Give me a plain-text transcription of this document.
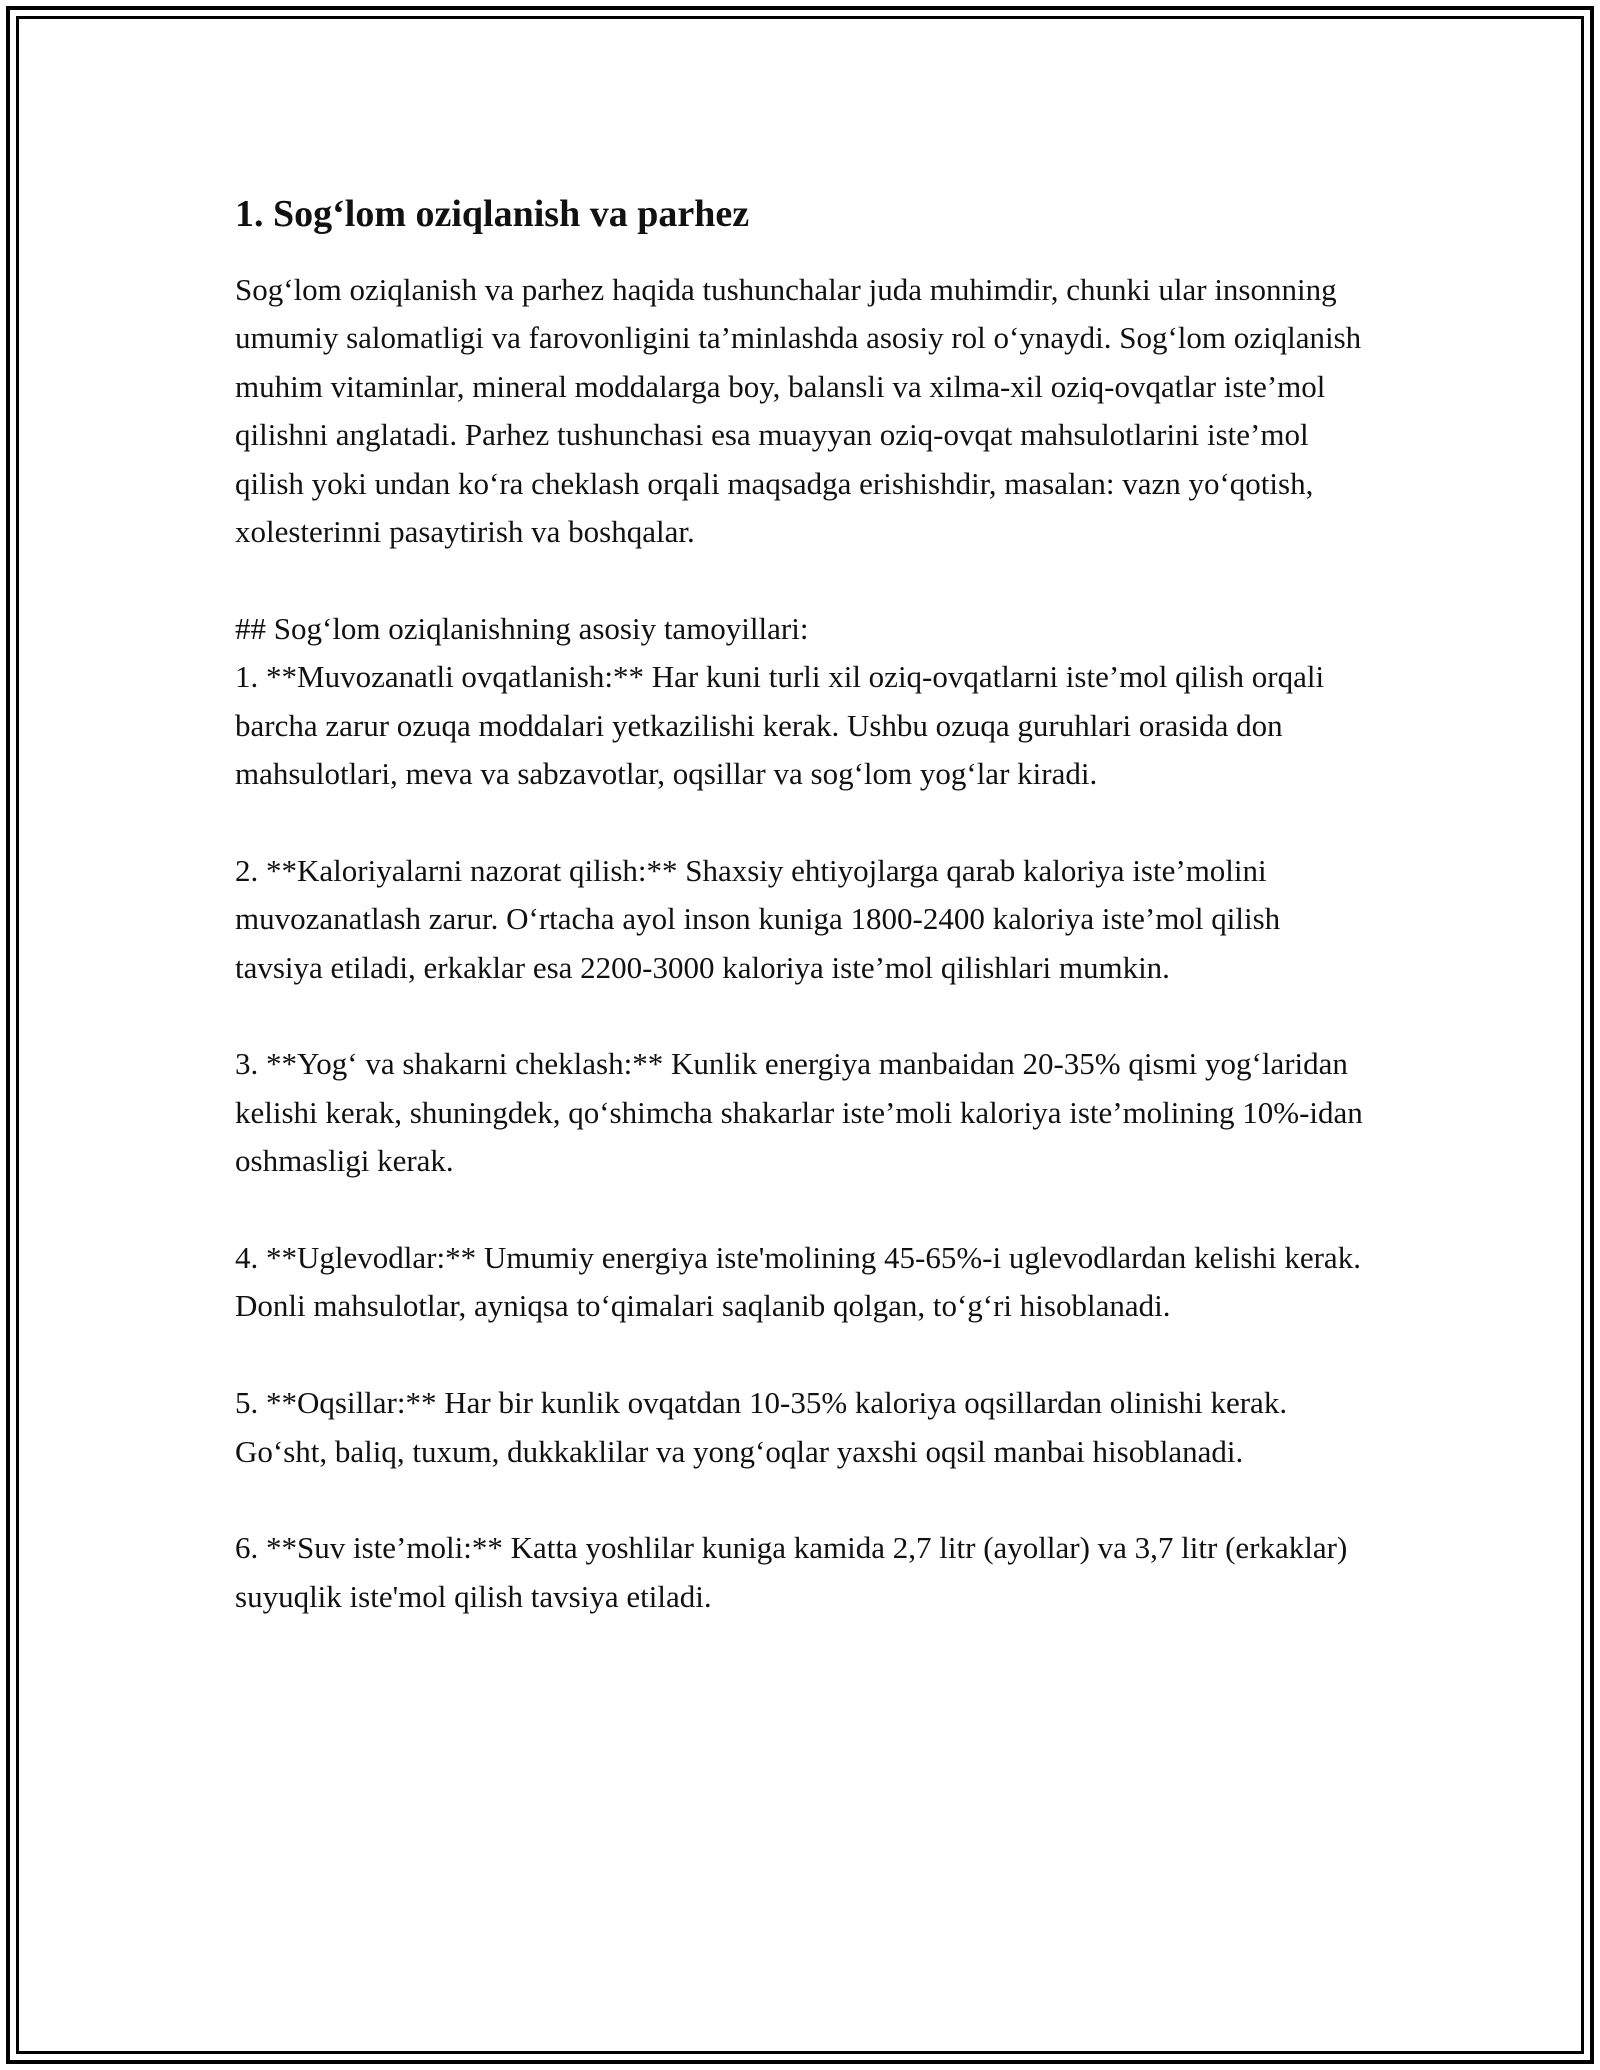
1. Sog‘lom oziqlanish va parhez

Sog‘lom oziqlanish va parhez haqida tushunchalar juda muhimdir, chunki ular insonning umumiy salomatligi va farovonligini ta’minlashda asosiy rol o‘ynaydi. Sog‘lom oziqlanish muhim vitaminlar, mineral moddalarga boy, balansli va xilma-xil oziq-ovqatlar iste’mol qilishni anglatadi. Parhez tushunchasi esa muayyan oziq-ovqat mahsulotlarini iste’mol qilish yoki undan ko‘ra cheklash orqali maqsadga erishishdir, masalan: vazn yo‘qotish, xolesterinni pasaytirish va boshqalar.

## Sog‘lom oziqlanishning asosiy tamoyillari:

1. **Muvozanatli ovqatlanish:** Har kuni turli xil oziq-ovqatlarni iste’mol qilish orqali barcha zarur ozuqa moddalari yetkazilishi kerak. Ushbu ozuqa guruhlari orasida don mahsulotlari, meva va sabzavotlar, oqsillar va sog‘lom yog‘lar kiradi.

2. **Kaloriyalarni nazorat qilish:** Shaxsiy ehtiyojlarga qarab kaloriya iste’molini muvozanatlash zarur. O‘rtacha ayol inson kuniga 1800-2400 kaloriya iste’mol qilish tavsiya etiladi, erkaklar esa 2200-3000 kaloriya iste’mol qilishlari mumkin.

3. **Yog‘ va shakarni cheklash:** Kunlik energiya manbaidan 20-35% qismi yog‘laridan kelishi kerak, shuningdek, qo‘shimcha shakarlar iste’moli kaloriya iste’molining 10%-idan oshmasligi kerak.

4. **Uglevodlar:** Umumiy energiya iste'molining 45-65%-i uglevodlardan kelishi kerak. Donli mahsulotlar, ayniqsa to‘qimalari saqlanib qolgan, to‘g‘ri hisoblanadi.

5. **Oqsillar:** Har bir kunlik ovqatdan 10-35% kaloriya oqsillardan olinishi kerak. Go‘sht, baliq, tuxum, dukkaklilar va yong‘oqlar yaxshi oqsil manbai hisoblanadi.

6. **Suv iste’moli:** Katta yoshlilar kuniga kamida 2,7 litr (ayollar) va 3,7 litr (erkaklar) suyuqlik iste'mol qilish tavsiya etiladi.
